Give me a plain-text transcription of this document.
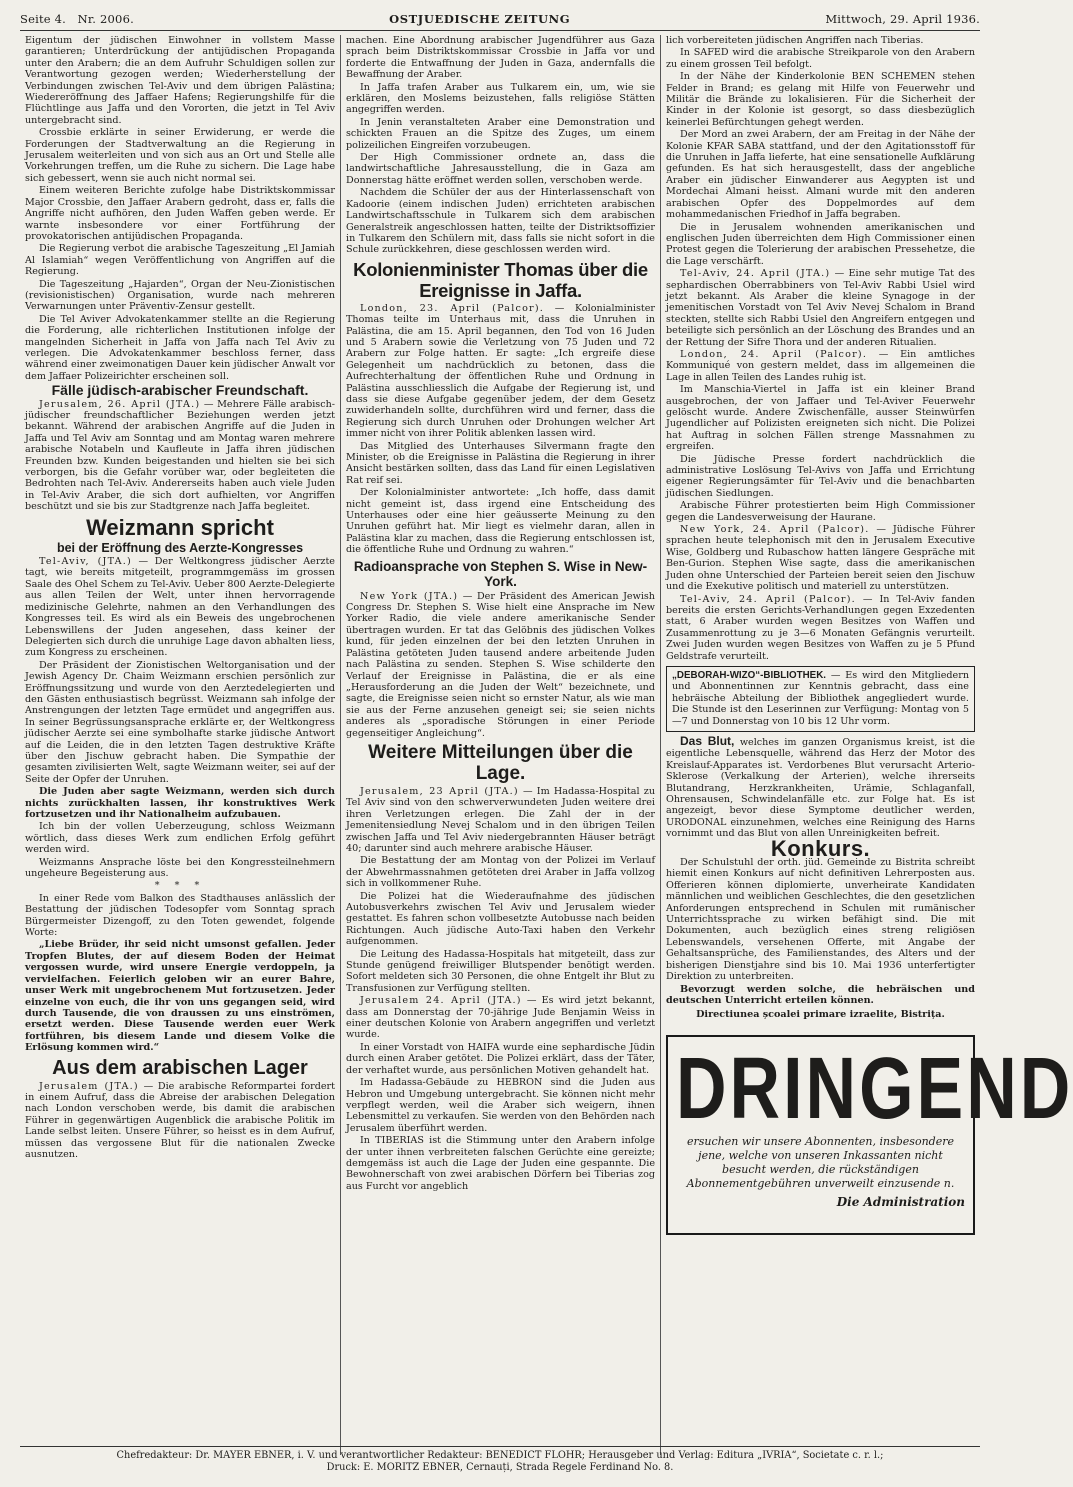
Seite 4. Nr. 2006.	OSTJUEDISCHE ZEITUNG	Mittwoch, 29. April 1936.

Eigentum der jüdischen Einwohner in vollstem Masse garantieren; Unterdrückung der antijüdischen Propaganda unter den Arabern; die an dem Aufruhr Schuldigen sollen zur Verantwortung gezogen werden; Wiederherstellung der Verbindungen zwischen Tel-Aviv und dem übrigen Palästina; Wiedereröffnung des Jaffaer Hafens; Regierungshilfe für die Flüchtlinge aus Jaffa und den Vororten, die jetzt in Tel Aviv untergebracht sind.

Crossbie erklärte in seiner Erwiderung, er werde die Forderungen der Stadtverwaltung an die Regierung in Jerusalem weiterleiten und von sich aus an Ort und Stelle alle Vorkehrungen treffen, um die Ruhe zu sichern. Die Lage habe sich gebessert, wenn sie auch nicht normal sei.

Einem weiteren Berichte zufolge habe Distriktskommissar Major Crossbie, den Jaffaer Arabern gedroht, dass er, falls die Angriffe nicht aufhören, den Juden Waffen geben werde. Er warnte insbesondere vor einer Fortführung der provokatorischen antijüdischen Propaganda.

Die Regierung verbot die arabische Tageszeitung „El Jamiah Al Islamiah“ wegen Veröffentlichung von Angriffen auf die Regierung.

Die Tageszeitung „Hajarden“, Organ der Neu-Zionistischen (revisionistischen) Organisation, wurde nach mehreren Verwarnungen unter Präventiv-Zensur gestellt.

Die Tel Aviver Advokatenkammer stellte an die Regierung die Forderung, alle richterlichen Institutionen infolge der mangelnden Sicherheit in Jaffa von Jaffa nach Tel Aviv zu verlegen. Die Advokatenkammer beschloss ferner, dass während einer zweimonatigen Dauer kein jüdischer Anwalt vor dem Jaffaer Polizeirichter erscheinen soll.

Fälle jüdisch-arabischer Freundschaft.

Jerusalem, 26. April (JTA.) — Mehrere Fälle arabisch-jüdischer freundschaftlicher Beziehungen werden jetzt bekannt. Während der arabischen Angriffe auf die Juden in Jaffa und Tel Aviv am Sonntag und am Montag waren mehrere arabische Notabeln und Kaufleute in Jaffa ihren jüdischen Freunden bzw. Kunden beigestanden und hielten sie bei sich verborgen, bis die Gefahr vorüber war, oder begleiteten die Bedrohten nach Tel-Aviv. Andererseits haben auch viele Juden in Tel-Aviv Araber, die sich dort aufhielten, vor Angriffen beschützt und sie bis zur Stadtgrenze nach Jaffa begleitet.

Weizmann spricht
bei der Eröffnung des Aerzte-Kongresses

Tel-Aviv, (JTA.) — Der Weltkongress jüdischer Aerzte tagt, wie bereits mitgeteilt, programmgemäss im grossen Saale des Ohel Schem zu Tel-Aviv. Ueber 800 Aerzte-Delegierte aus allen Teilen der Welt, unter ihnen hervorragende medizinische Gelehrte, nahmen an den Verhandlungen des Kongresses teil. Es wird als ein Beweis des ungebrochenen Lebenswillens der Juden angesehen, dass keiner der Delegierten sich durch die unruhige Lage davon abhalten liess, zum Kongress zu erscheinen.

Der Präsident der Zionistischen Weltorganisation und der Jewish Agency Dr. Chaim Weizmann erschien persönlich zur Eröffnungssitzung und wurde von den Aerztedelegierten und den Gästen enthusiastisch begrüsst. Weizmann sah infolge der Anstrengungen der letzten Tage ermüdet und angegriffen aus. In seiner Begrüssungsansprache erklärte er, der Weltkongress jüdischer Aerzte sei eine symbolhafte starke jüdische Antwort auf die Leiden, die in den letzten Tagen destruktive Kräfte über den Jischuw gebracht haben. Die Sympathie der gesamten zivilisierten Welt, sagte Weizmann weiter, sei auf der Seite der Opfer der Unruhen.

Die Juden aber sagte Weizmann, werden sich durch nichts zurückhalten lassen, ihr konstruktives Werk fortzusetzen und ihr Nationalheim aufzubauen.

Ich bin der vollen Ueberzeugung, schloss Weizmann wörtlich, dass dieses Werk zum endlichen Erfolg geführt werden wird.

Weizmanns Ansprache löste bei den Kongressteilnehmern ungeheure Begeisterung aus.

* * *

In einer Rede vom Balkon des Stadthauses anlässlich der Bestattung der jüdischen Todesopfer vom Sonntag sprach Bürgermeister Dizengoff, zu den Toten gewendet, folgende Worte:

„Liebe Brüder, ihr seid nicht umsonst gefallen. Jeder Tropfen Blutes, der auf diesem Boden der Heimat vergossen wurde, wird unsere Energie verdoppeln, ja vervielfachen. Feierlich geloben wir an eurer Bahre, unser Werk mit ungebrochenem Mut fortzusetzen. Jeder einzelne von euch, die ihr von uns gegangen seid, wird durch Tausende, die von draussen zu uns einströmen, ersetzt werden. Diese Tausende werden euer Werk fortführen, bis diesem Lande und diesem Volke die Erlösung kommen wird.“

Aus dem arabischen Lager

Jerusalem (JTA.) — Die arabische Reformpartei fordert in einem Aufruf, dass die Abreise der arabischen Delegation nach London verschoben werde, bis damit die arabischen Führer in gegenwärtigen Augenblick die arabische Politik im Lande selbst leiten. Unsere Führer, so heisst es in dem Aufruf, müssen das vergossene Blut für die nationalen Zwecke ausnutzen.

machen. Eine Abordnung arabischer Jugendführer aus Gaza sprach beim Distriktskommissar Crossbie in Jaffa vor und forderte die Entwaffnung der Juden in Gaza, andernfalls die Bewaffnung der Araber.

In Jaffa trafen Araber aus Tulkarem ein, um, wie sie erklären, den Moslems beizustehen, falls religiöse Stätten angegriffen werden.

In Jenin veranstalteten Araber eine Demonstration und schickten Frauen an die Spitze des Zuges, um einem polizeilichen Eingreifen vorzubeugen.

Der High Commissioner ordnete an, dass die landwirtschaftliche Jahresausstellung, die in Gaza am Donnerstag hätte eröffnet werden sollen, verschoben werde.

Nachdem die Schüler der aus der Hinterlassenschaft von Kadoorie (einem indischen Juden) errichteten arabischen Landwirtschaftsschule in Tulkarem sich dem arabischen Generalstreik angeschlossen hatten, teilte der Distriktsoffizier in Tulkarem den Schülern mit, dass falls sie nicht sofort in die Schule zurückkehren, diese geschlossen werden wird.

Kolonienminister Thomas über die Ereignisse in Jaffa.

London, 23. April (Palcor). — Kolonialminister Thomas teilte im Unterhaus mit, dass die Unruhen in Palästina, die am 15. April begannen, den Tod von 16 Juden und 5 Arabern sowie die Verletzung von 75 Juden und 72 Arabern zur Folge hatten. Er sagte: „Ich ergreife diese Gelegenheit um nachdrücklich zu betonen, dass die Aufrechterhaltung der öffentlichen Ruhe und Ordnung in Palästina ausschliesslich die Aufgabe der Regierung ist, und dass sie diese Aufgabe gegenüber jedem, der dem Gesetz zuwiderhandeln sollte, durchführen wird und ferner, dass die Regierung sich durch Unruhen oder Drohungen welcher Art immer nicht von ihrer Politik ablenken lassen wird.

Das Mitglied des Unterhauses Silvermann fragte den Minister, ob die Ereignisse in Palästina die Regierung in ihrer Ansicht bestärken sollten, dass das Land für einen Legislativen Rat reif sei.

Der Kolonialminister antwortete: „Ich hoffe, dass damit nicht gemeint ist, dass irgend eine Entscheidung des Unterhauses oder eine hier geäusserte Meinung zu den Unruhen geführt hat. Mir liegt es vielmehr daran, allen in Palästina klar zu machen, dass die Regierung entschlossen ist, die öffentliche Ruhe und Ordnung zu wahren.“

Radioansprache von Stephen S. Wise in New-York.

New York (JTA.) — Der Präsident des American Jewish Congress Dr. Stephen S. Wise hielt eine Ansprache im New Yorker Radio, die viele andere amerikanische Sender übertragen wurden. Er tat das Gelöbnis des jüdischen Volkes kund, für jeden einzelnen der bei den letzten Unruhen in Palästina getöteten Juden tausend andere arbeitende Juden nach Palästina zu senden. Stephen S. Wise schilderte den Verlauf der Ereignisse in Palästina, die er als eine „Herausforderung an die Juden der Welt“ bezeichnete, und sagte, die Ereignisse seien nicht so ernster Natur, als wie man sie aus der Ferne anzusehen geneigt sei; sie seien nichts anderes als „sporadische Störungen in einer Periode gegenseitiger Angleichung“.

Weitere Mitteilungen über die Lage.

Jerusalem, 23 April (JTA.) — Im Hadassa-Hospital zu Tel Aviv sind von den schwerverwundeten Juden weitere drei ihren Verletzungen erlegen. Die Zahl der in der Jemenitensiedlung Nevej Schalom und in den übrigen Teilen zwischen Jaffa und Tel Aviv niedergebrannten Häuser beträgt 40; darunter sind auch mehrere arabische Häuser.

Die Bestattung der am Montag von der Polizei im Verlauf der Abwehrmassnahmen getöteten drei Araber in Jaffa vollzog sich in vollkommener Ruhe.

Die Polizei hat die Wiederaufnahme des jüdischen Autobusverkehrs zwischen Tel Aviv und Jerusalem wieder gestattet. Es fahren schon vollbesetzte Autobusse nach beiden Richtungen. Auch jüdische Auto-Taxi haben den Verkehr aufgenommen.

Die Leitung des Hadassa-Hospitals hat mitgeteilt, dass zur Stunde genügend freiwilliger Blutspender benötigt werden. Sofort meldeten sich 30 Personen, die ohne Entgelt ihr Blut zu Transfusionen zur Verfügung stellten.

Jerusalem 24. April (JTA.) — Es wird jetzt bekannt, dass am Donnerstag der 70-jährige Jude Benjamin Weiss in einer deutschen Kolonie von Arabern angegriffen und verletzt wurde.

In einer Vorstadt von HAIFA wurde eine sephardische Jüdin durch einen Araber getötet. Die Polizei erklärt, dass der Täter, der verhaftet wurde, aus persönlichen Motiven gehandelt hat.

Im Hadassa-Gebäude zu HEBRON sind die Juden aus Hebron und Umgebung untergebracht. Sie können nicht mehr verpflegt werden, weil die Araber sich weigern, ihnen Lebensmittel zu verkaufen. Sie werden von den Behörden nach Jerusalem überführt werden.

In TIBERIAS ist die Stimmung unter den Arabern infolge der unter ihnen verbreiteten falschen Gerüchte eine gereizte; demgemäss ist auch die Lage der Juden eine gespannte. Die Bewohnerschaft von zwei arabischen Dörfern bei Tiberias zog aus Furcht vor angeblich

lich vorbereiteten jüdischen Angriffen nach Tiberias.

In SAFED wird die arabische Streikparole von den Arabern zu einem grossen Teil befolgt.

In der Nähe der Kinderkolonie BEN SCHEMEN stehen Felder in Brand; es gelang mit Hilfe von Feuerwehr und Militär die Brände zu lokalisieren. Für die Sicherheit der Kinder in der Kolonie ist gesorgt, so dass diesbezüglich keinerlei Befürchtungen gehegt werden.

Der Mord an zwei Arabern, der am Freitag in der Nähe der Kolonie KFAR SABA stattfand, und der den Agitationsstoff für die Unruhen in Jaffa lieferte, hat eine sensationelle Aufklärung gefunden. Es hat sich herausgestellt, dass der angebliche Araber ein jüdischer Einwanderer aus Aegypten ist und Mordechai Almani heisst. Almani wurde mit den anderen arabischen Opfer des Doppelmordes auf dem mohammedanischen Friedhof in Jaffa begraben.

Die in Jerusalem wohnenden amerikanischen und englischen Juden überreichten dem High Commissioner einen Protest gegen die Tolerierung der arabischen Pressehetze, die die Lage verschärft.

Tel-Aviv, 24. April (JTA.) — Eine sehr mutige Tat des sephardischen Oberrabbiners von Tel-Aviv Rabbi Usiel wird jetzt bekannt. Als Araber die kleine Synagoge in der jemenitischen Vorstadt von Tel Aviv Nevej Schalom in Brand steckten, stellte sich Rabbi Usiel den Angreifern entgegen und beteiligte sich persönlich an der Löschung des Brandes und an der Rettung der Sifre Thora und der anderen Ritualien.

London, 24. April (Palcor). — Ein amtliches Kommuniqué von gestern meldet, dass im allgemeinen die Lage in allen Teilen des Landes ruhig ist.

Im Manschia-Viertel in Jaffa ist ein kleiner Brand ausgebrochen, der von Jaffaer und Tel-Aviver Feuerwehr gelöscht wurde. Andere Zwischenfälle, ausser Steinwürfen Jugendlicher auf Polizisten ereigneten sich nicht. Die Polizei hat Auftrag in solchen Fällen strenge Massnahmen zu ergreifen.

Die Jüdische Presse fordert nachdrücklich die administrative Loslösung Tel-Avivs von Jaffa und Errichtung eigener Regierungsämter für Tel-Aviv und die benachbarten jüdischen Siedlungen.

Arabische Führer protestierten beim High Commissioner gegen die Landesverweisung der Haurane.

New York, 24. April (Palcor). — Jüdische Führer sprachen heute telephonisch mit den in Jerusalem Executive Wise, Goldberg und Rubaschow hatten längere Gespräche mit Ben-Gurion. Stephen Wise sagte, dass die amerikanischen Juden ohne Unterschied der Parteien bereit seien den Jischuw und die Exekutive politisch und materiell zu unterstützen.

Tel-Aviv, 24. April (Palcor). — In Tel-Aviv fanden bereits die ersten Gerichts-Verhandlungen gegen Exzedenten statt, 6 Araber wurden wegen Besitzes von Waffen und Zusammenrottung zu je 3—6 Monaten Gefängnis verurteilt. Zwei Juden wurden wegen Besitzes von Waffen zu je 5 Pfund Geldstrafe verurteilt.

„DEBORAH-WIZO“-BIBLIOTHEK. — Es wird den Mitgliedern und Abonnentinnen zur Kenntnis gebracht, dass eine hebräische Abteilung der Bibliothek angegliedert wurde. Die Stunde ist den Leserinnen zur Verfügung: Montag von 5—7 und Donnerstag von 10 bis 12 Uhr vorm.

Das Blut, welches im ganzen Organismus kreist, ist die eigentliche Lebensquelle, während das Herz der Motor des Kreislauf-Apparates ist. Verdorbenes Blut verursacht Arterio-Sklerose (Verkalkung der Arterien), welche ihrerseits Blutandrang, Herzkrankheiten, Urämie, Schlaganfall, Ohrensausen, Schwindelanfälle etc. zur Folge hat. Es ist angezeigt, bevor diese Symptome deutlicher werden, URODONAL einzunehmen, welches eine Reinigung des Harns vornimmt und das Blut von allen Unreinigkeiten befreit.

Konkurs.

Der Schulstuhl der orth. jüd. Gemeinde zu Bistrita schreibt hiemit einen Konkurs auf nicht definitiven Lehrerposten aus. Offerieren können diplomierte, unverheirate Kandidaten männlichen und weiblichen Geschlechtes, die den gesetzlichen Anforderungen entsprechend in Schulen mit rumänischer Unterrichtssprache zu wirken befähigt sind. Die mit Dokumenten, auch bezüglich eines streng religiösen Lebenswandels, versehenen Offerte, mit Angabe der Gehaltsansprüche, des Familienstandes, des Alters und der bisherigen Dienstjahre sind bis 10. Mai 1936 unterfertigter Direktion zu unterbreiten.

Bevorzugt werden solche, die hebräischen und deutschen Unterricht erteilen können.

Directiunea școalei primare izraelite, Bistrița.
DRINGEND
ersuchen wir unsere Abonnenten, insbesondere jene, welche von unseren Inkassanten nicht besucht werden, die rückständigen Abonnementgebühren unverweilt einzusende n.
Die Administration
Chefredakteur: Dr. MAYER EBNER, i. V. und verantwortlicher Redakteur: BENEDICT FLOHR; Herausgeber und Verlag: Editura „IVRIA“, Societate c. r. l.;
Druck: E. MORITZ EBNER, Cernauți, Strada Regele Ferdinand No. 8.
